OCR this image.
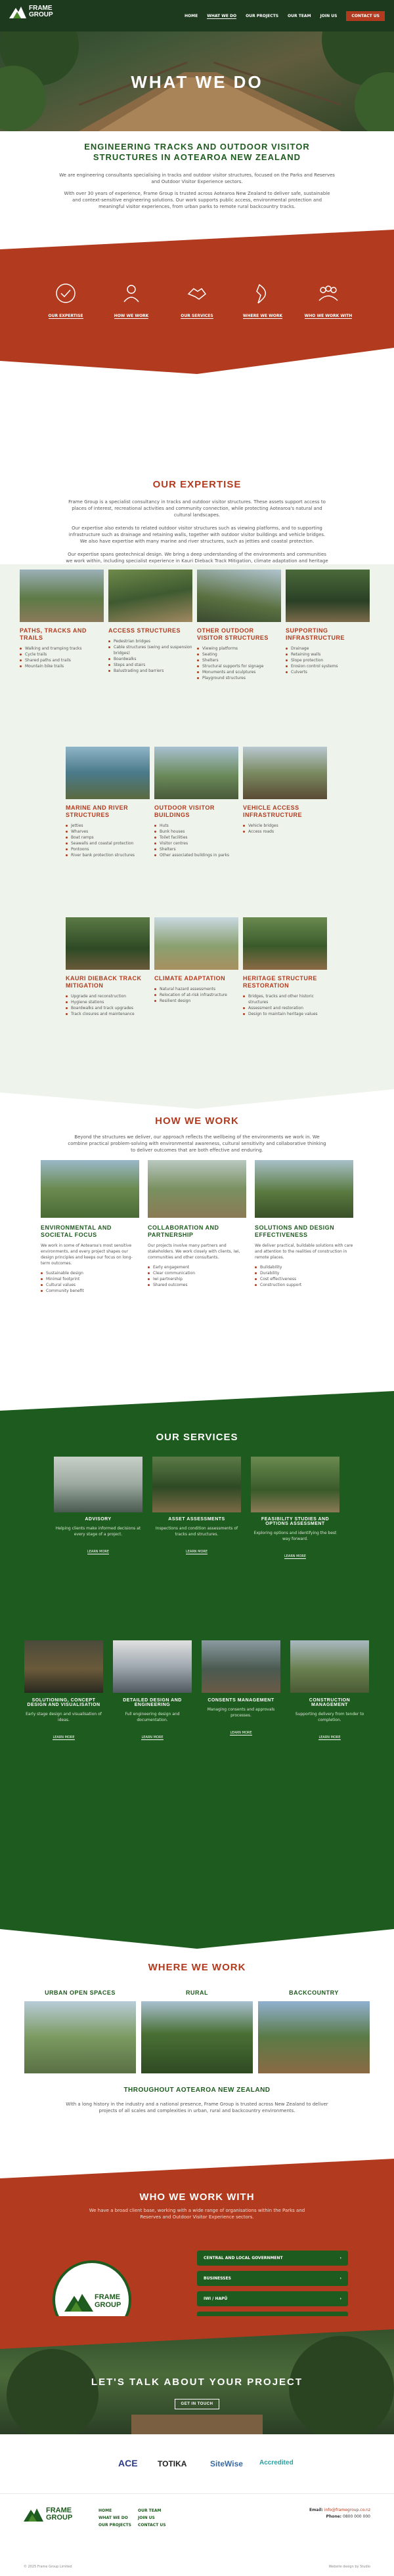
FRAME GROUP	HOME WHAT WE DO OUR PROJECTS OUR TEAM JOIN US	CONTACT US
WHAT WE DO
ENGINEERING TRACKS AND OUTDOOR VISITOR STRUCTURES IN AOTEAROA NEW ZEALAND
We are engineering consultants specialising in tracks and outdoor visitor structures, focused on the Parks and Reserves and Outdoor Visitor Experience sectors.
With over 30 years of experience, Frame Group is trusted across Aotearoa New Zealand to deliver safe, sustainable and context-sensitive engineering solutions. Our work supports public access, environmental protection and meaningful visitor experiences, from urban parks to remote rural backcountry tracks.
OUR EXPERTISE	HOW WE WORK	OUR SERVICES	WHERE WE WORK	WHO WE WORK WITH
OUR EXPERTISE
Frame Group is a specialist consultancy in tracks and outdoor visitor structures. These assets support access to places of interest, recreational activities and community connection, while protecting Aotearoa's natural and cultural landscapes.
Our expertise also extends to related outdoor visitor structures such as viewing platforms, and to supporting infrastructure such as drainage and retaining walls, together with outdoor visitor buildings and vehicle bridges. We also have expertise with many marine and river structures, such as jetties and coastal protection.
Our expertise spans geotechnical design. We bring a deep understanding of the environments and communities we work within, including specialist experience in Kauri Dieback Track Mitigation, climate adaptation and heritage
PATHS, TRACKS AND TRAILS
Walking and tramping tracks
Cycle trails
Shared paths and trails
Mountain bike trails
ACCESS STRUCTURES
Pedestrian bridges
Cable structures (swing and suspension bridges)
Boardwalks
Steps and stairs
Balustrading and barriers
OTHER OUTDOOR VISITOR STRUCTURES
Viewing platforms
Seating
Shelters
Structural supports for signage
Monuments and sculptures
Playground structures
SUPPORTING INFRASTRUCTURE
Drainage
Retaining walls
Slope protection
Erosion control systems
Culverts
MARINE AND RIVER STRUCTURES
Jetties
Wharves
Boat ramps
Seawalls and coastal protection
Pontoons
River bank protection structures
OUTDOOR VISITOR BUILDINGS
Huts
Bunk houses
Toilet facilities
Visitor centres
Shelters
Other associated buildings in parks
VEHICLE ACCESS INFRASTRUCTURE
Vehicle bridges
Access roads
KAURI DIEBACK TRACK MITIGATION
Upgrade and reconstruction
Hygiene stations
Boardwalks and track upgrades
Track closures and maintenance
CLIMATE ADAPTATION
Natural hazard assessments
Relocation of at-risk infrastructure
Resilient design
HERITAGE STRUCTURE RESTORATION
Bridges, tracks and other historic structures
Assessment and restoration
Design to maintain heritage values
HOW WE WORK
Beyond the structures we deliver, our approach reflects the wellbeing of the environments we work in. We combine practical problem-solving with environmental awareness, cultural sensitivity and collaborative thinking to deliver outcomes that are both effective and enduring.
ENVIRONMENTAL AND SOCIETAL FOCUS
We work in some of Aotearoa's most sensitive environments, and every project shapes our design principles and keeps our focus on long-term outcomes.
Sustainable design
Minimal footprint
Cultural values
Community benefit
COLLABORATION AND PARTNERSHIP
Our projects involve many partners and stakeholders. We work closely with clients, iwi, communities and other consultants.
Early engagement
Clear communication
Iwi partnership
Shared outcomes
SOLUTIONS AND DESIGN EFFECTIVENESS
We deliver practical, buildable solutions with care and attention to the realities of construction in remote places.
Buildability
Durability
Cost effectiveness
Construction support
OUR SERVICES
ADVISORY
Helping clients make informed decisions at every stage of a project.
LEARN MORE
ASSET ASSESSMENTS
Inspections and condition assessments of tracks and structures.
LEARN MORE
FEASIBILITY STUDIES AND OPTIONS ASSESSMENT
Exploring options and identifying the best way forward.
LEARN MORE
SOLUTIONING, CONCEPT DESIGN AND VISUALISATION
Early stage design and visualisation of ideas.
LEARN MORE
DETAILED DESIGN AND ENGINEERING
Full engineering design and documentation.
LEARN MORE
CONSENTS MANAGEMENT
Managing consents and approvals processes.
LEARN MORE
CONSTRUCTION MANAGEMENT
Supporting delivery from tender to completion.
LEARN MORE
WHERE WE WORK
URBAN OPEN SPACES	RURAL	BACKCOUNTRY
THROUGHOUT AOTEAROA NEW ZEALAND
With a long history in the industry and a national presence, Frame Group is trusted across New Zealand to deliver projects of all scales and complexities in urban, rural and backcountry environments.
WHO WE WORK WITH
We have a broad client base, working with a wide range of organisations within the Parks and Reserves and Outdoor Visitor Experience sectors.
FRAME GROUP
CENTRAL AND LOCAL GOVERNMENT	›
BUSINESSES	›
IWI / HAPŪ	›
LET'S TALK ABOUT YOUR PROJECT
GET IN TOUCH
ACE	TOTIKA	SiteWise	Accredited
FRAME GROUP
HOME	OUR TEAM
WHAT WE DO	JOIN US
OUR PROJECTS	CONTACT US
Email: info@framegroup.co.nz
Phone: 0800 000 000
© 2025 Frame Group Limited	Website design by Studio
